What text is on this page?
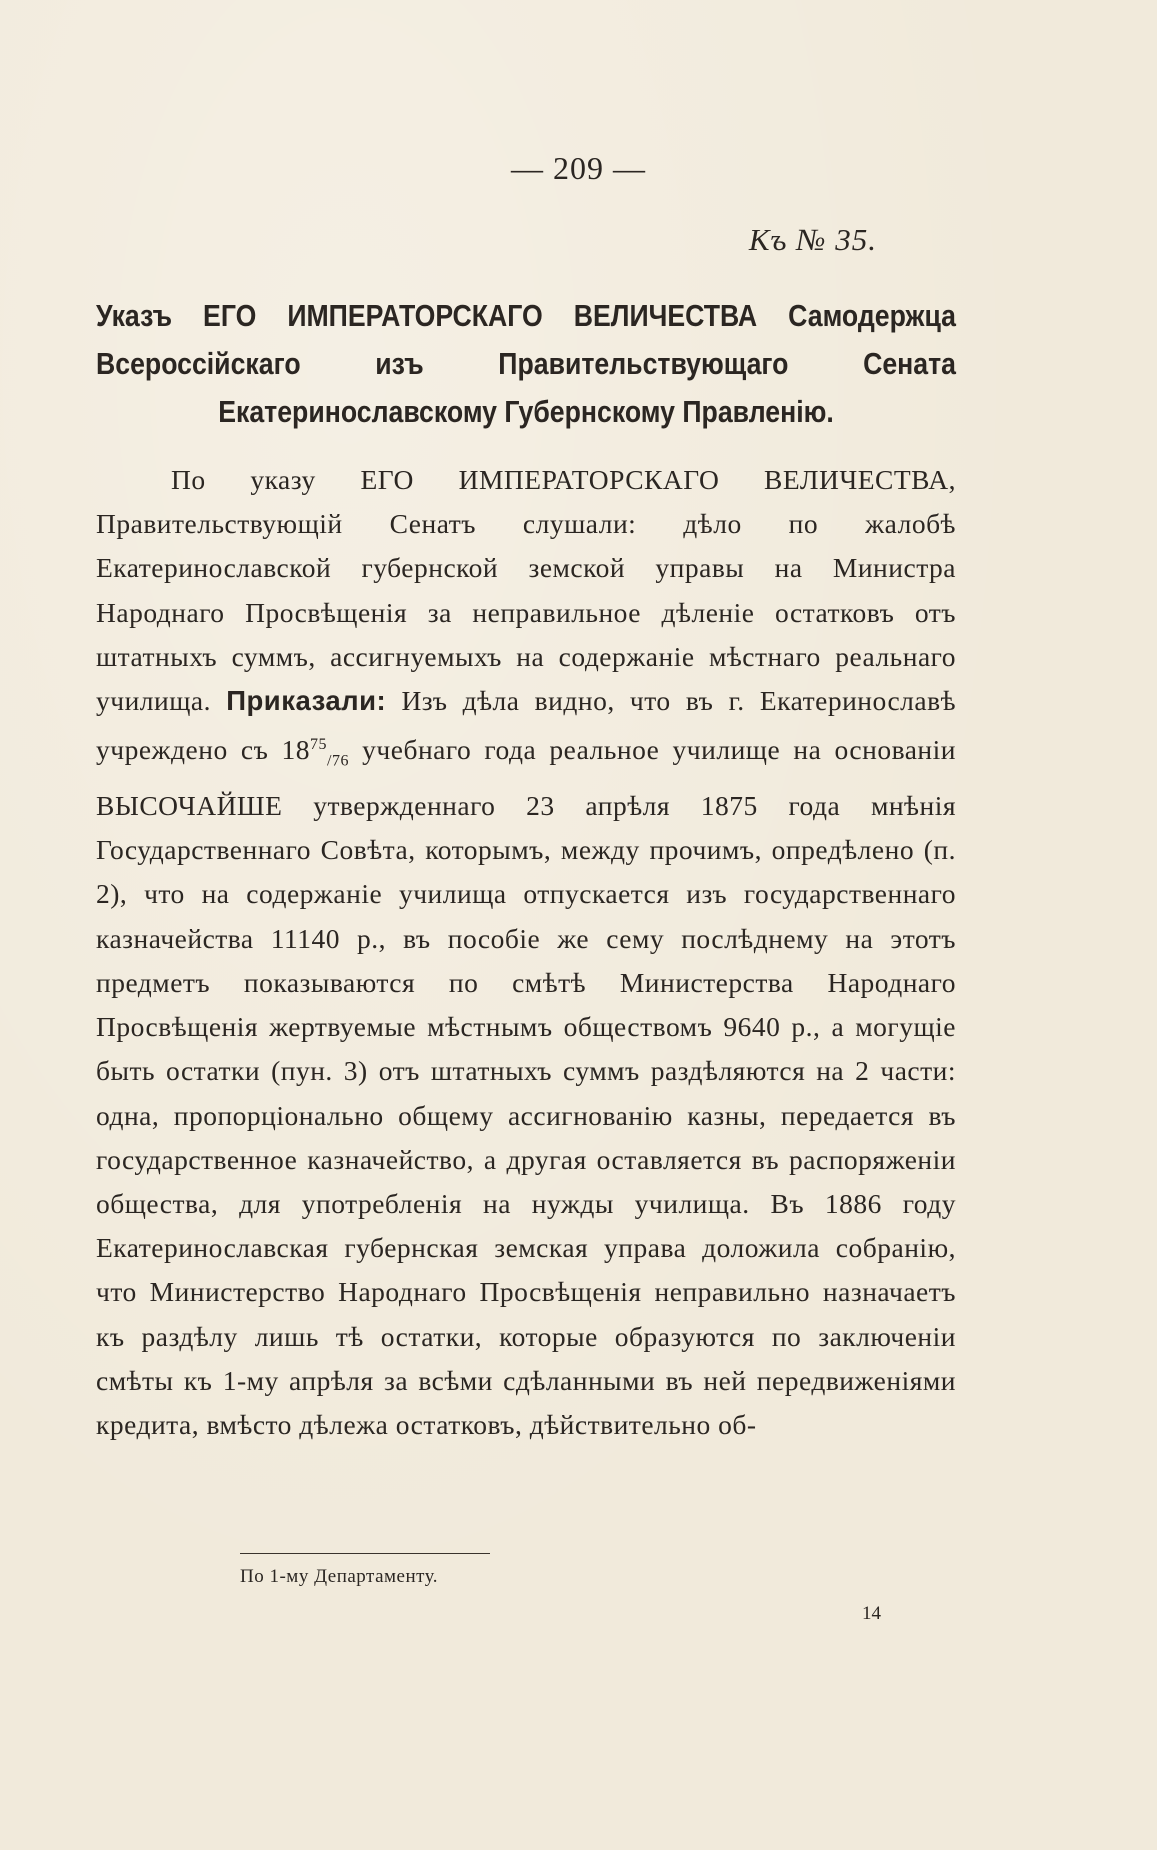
— 209 —
Къ № 35.
Указъ ЕГО ИМПЕРАТОРСКАГО ВЕЛИЧЕСТВА Самодержца Всероссійскаго изъ Правительствующаго Сената Екатеринославскому Губернскому Правленію.

По указу ЕГО ИМПЕРАТОРСКАГО ВЕЛИЧЕСТВА, Правительствующій Сенатъ слушали: дѣло по жалобѣ Екатеринославской губернской земской управы на Министра Народнаго Просвѣщенія за неправильное дѣленіе остатковъ отъ штатныхъ суммъ, ассигнуемыхъ на содержаніе мѣстнаго реальнаго училища. Приказали: Изъ дѣла видно, что въ г. Екатеринославѣ учреждено съ $18^{75}_{/76}$ учебнаго года реальное училище на основаніи ВЫСОЧАЙШЕ утвержденнаго 23 апрѣля 1875 года мнѣнія Государственнаго Совѣта, которымъ, между прочимъ, опредѣлено (п. 2), что на содержаніе училища отпускается изъ государственнаго казначейства 11140 р., въ пособіе же сему послѣднему на этотъ предметъ показываются по смѣтѣ Министерства Народнаго Просвѣщенія жертвуемые мѣстнымъ обществомъ 9640 р., а могущіе быть остатки (пун. 3) отъ штатныхъ суммъ раздѣляются на 2 части: одна, пропорціонально общему ассигнованію казны, передается въ государственное казначейство, а другая оставляется въ распоряженіи общества, для употребленія на нужды училища. Въ 1886 году Екатеринославская губернская земская управа доложила собранію, что Министерство Народнаго Просвѣщенія неправильно назначаетъ къ раздѣлу лишь тѣ остатки, которые образуются по заключеніи смѣты къ 1-му апрѣля за всѣми сдѣланными въ ней передвиженіями кредита, вмѣсто дѣлежа остатковъ, дѣйствительно об-

По 1-му Департаменту.
14
